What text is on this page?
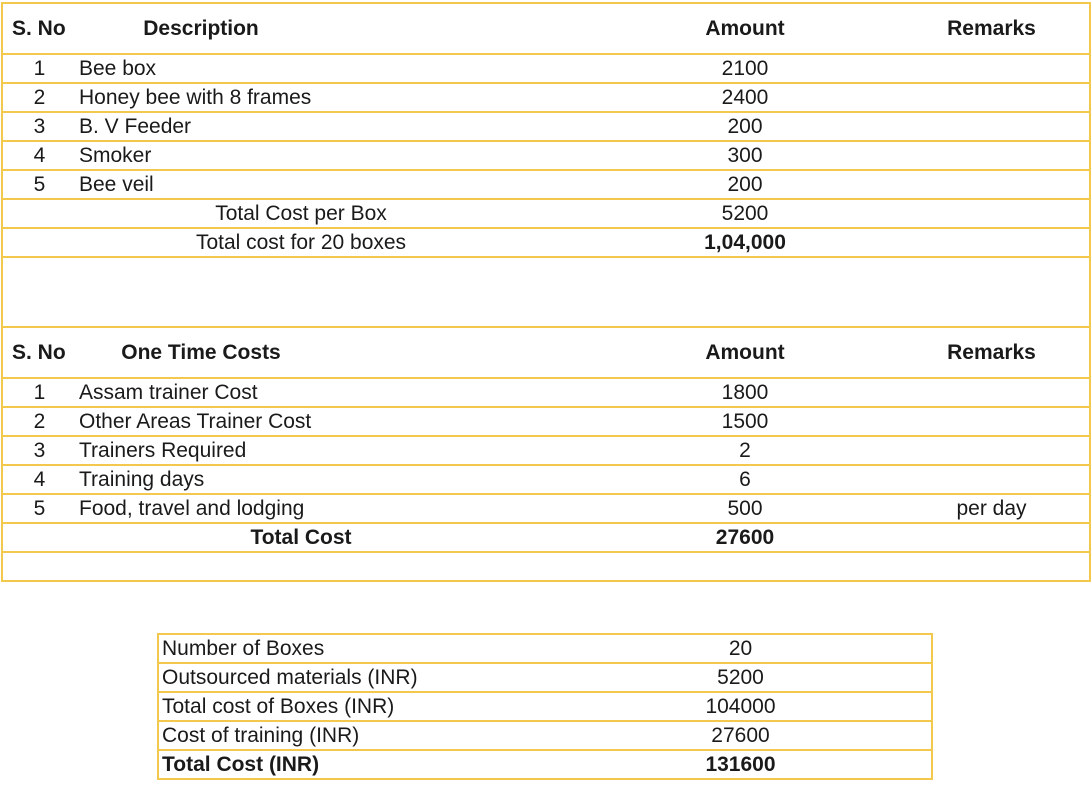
S. No	Description	Amount	Remarks
1	Bee box	2100	
2	Honey bee with 8 frames	2400	
3	B. V Feeder	200	
4	Smoker	300	
5	Bee veil	200	
	Total Cost per Box	5200	
	Total cost for 20 boxes	1,04,000	

S. No	One Time Costs	Amount	Remarks
1	Assam trainer Cost	1800	
2	Other Areas Trainer Cost	1500	
3	Trainers Required	2	
4	Training days	6	
5	Food, travel and lodging	500	per day
	Total Cost	27600	

Number of Boxes	20
Outsourced materials (INR)	5200
Total cost of Boxes (INR)	104000
Cost of training (INR)	27600
Total Cost (INR)	131600
